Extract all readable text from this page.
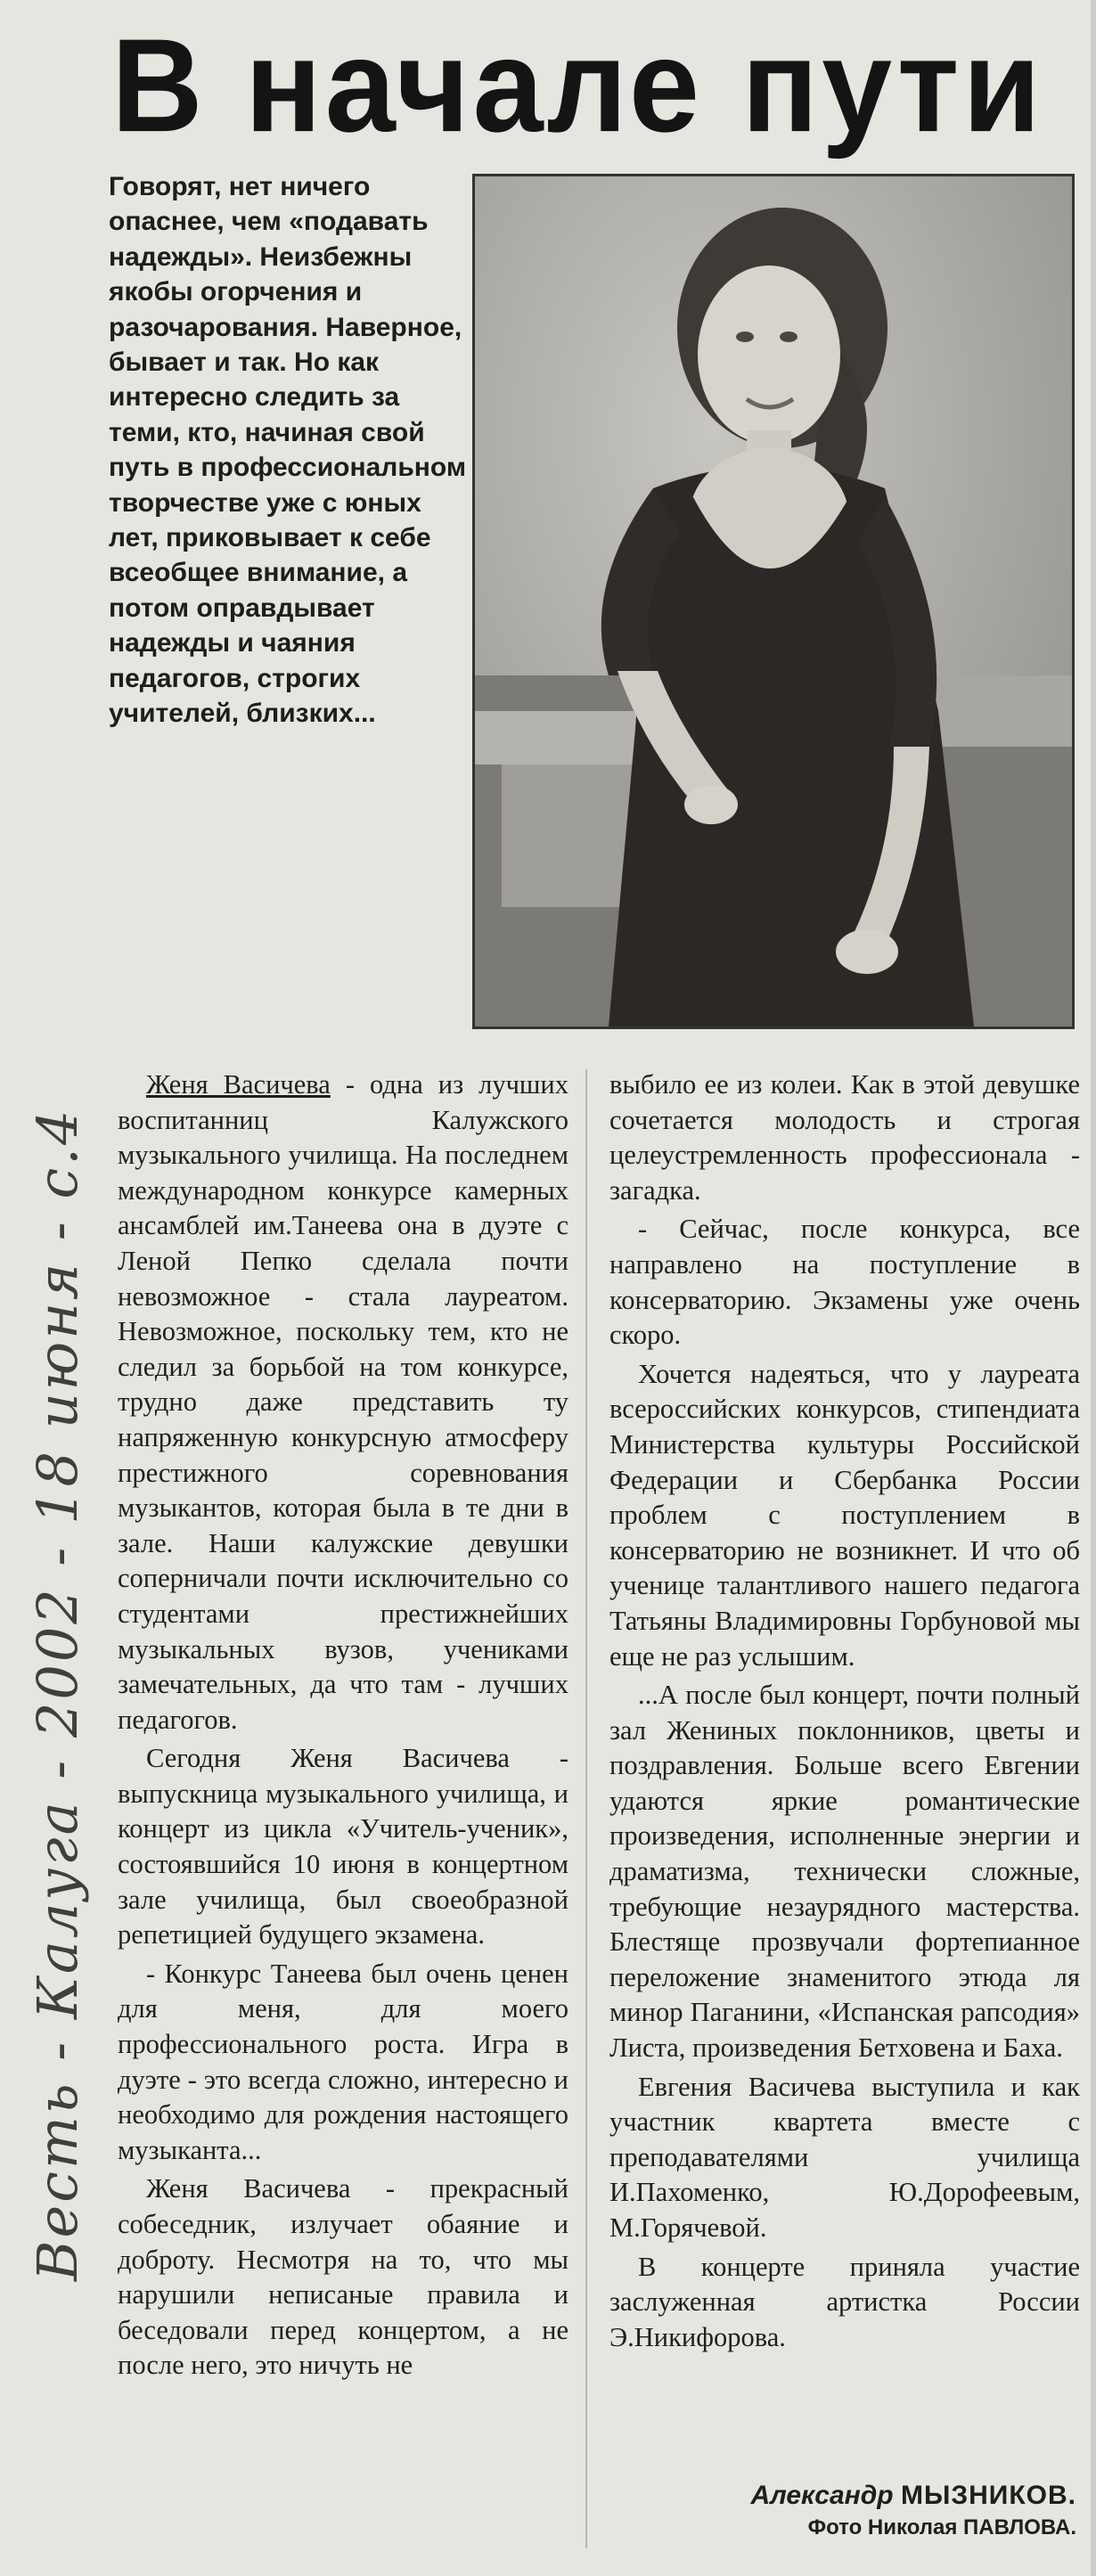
В начале пути
Говорят, нет ничего опаснее, чем «подавать надежды». Неизбежны якобы огорчения и разочарования. Наверное, бывает и так. Но как интересно следить за теми, кто, начиная свой путь в профессиональном творчестве уже с юных лет, приковывает к себе всеобщее внимание, а потом оправдывает надежды и чаяния педагогов, строгих учителей, близких...

Женя Васичева - одна из лучших воспитанниц Калужского музыкального училища. На последнем международном конкурсе камерных ансамблей им.Танеева она в дуэте с Леной Пепко сделала почти невозможное - стала лауреатом. Невозможное, поскольку тем, кто не следил за борьбой на том конкурсе, трудно даже представить ту напряженную конкурсную атмосферу престижного соревнования музыкантов, которая была в те дни в зале. Наши калужские девушки соперничали почти исключительно со студентами престижнейших музыкальных вузов, учениками замечательных, да что там - лучших педагогов.

Сегодня Женя Васичева - выпускница музыкального училища, и концерт из цикла «Учитель-ученик», состоявшийся 10 июня в концертном зале училища, был своеобразной репетицией будущего экзамена.

- Конкурс Танеева был очень ценен для меня, для моего профессионального роста. Игра в дуэте - это всегда сложно, интересно и необходимо для рождения настоящего музыканта...

Женя Васичева - прекрасный собеседник, излучает обаяние и доброту. Несмотря на то, что мы нарушили неписаные правила и беседовали перед концертом, а не после него, это ничуть не

выбило ее из колеи. Как в этой девушке сочетается молодость и строгая целеустремленность профессионала - загадка.

- Сейчас, после конкурса, все направлено на поступление в консерваторию. Экзамены уже очень скоро.

Хочется надеяться, что у лауреата всероссийских конкурсов, стипендиата Министерства культуры Российской Федерации и Сбербанка России проблем с поступлением в консерваторию не возникнет. И что об ученице талантливого нашего педагога Татьяны Владимировны Горбуновой мы еще не раз услышим.

...А после был концерт, почти полный зал Жениных поклонников, цветы и поздравления. Больше всего Евгении удаются яркие романтические произведения, исполненные энергии и драматизма, технически сложные, требующие незаурядного мастерства. Блестяще прозвучали фортепианное переложение знаменитого этюда ля минор Паганини, «Испанская рапсодия» Листа, произведения Бетховена и Баха.

Евгения Васичева выступила и как участник квартета вместе с преподавателями училища И.Пахоменко, Ю.Дорофеевым, М.Горячевой.

В концерте приняла участие заслуженная артистка России Э.Никифорова.

Александр МЫЗНИКОВ.
Фото Николая ПАВЛОВА.
Весть - Калуга - 2002 - 18 июня - с.4
